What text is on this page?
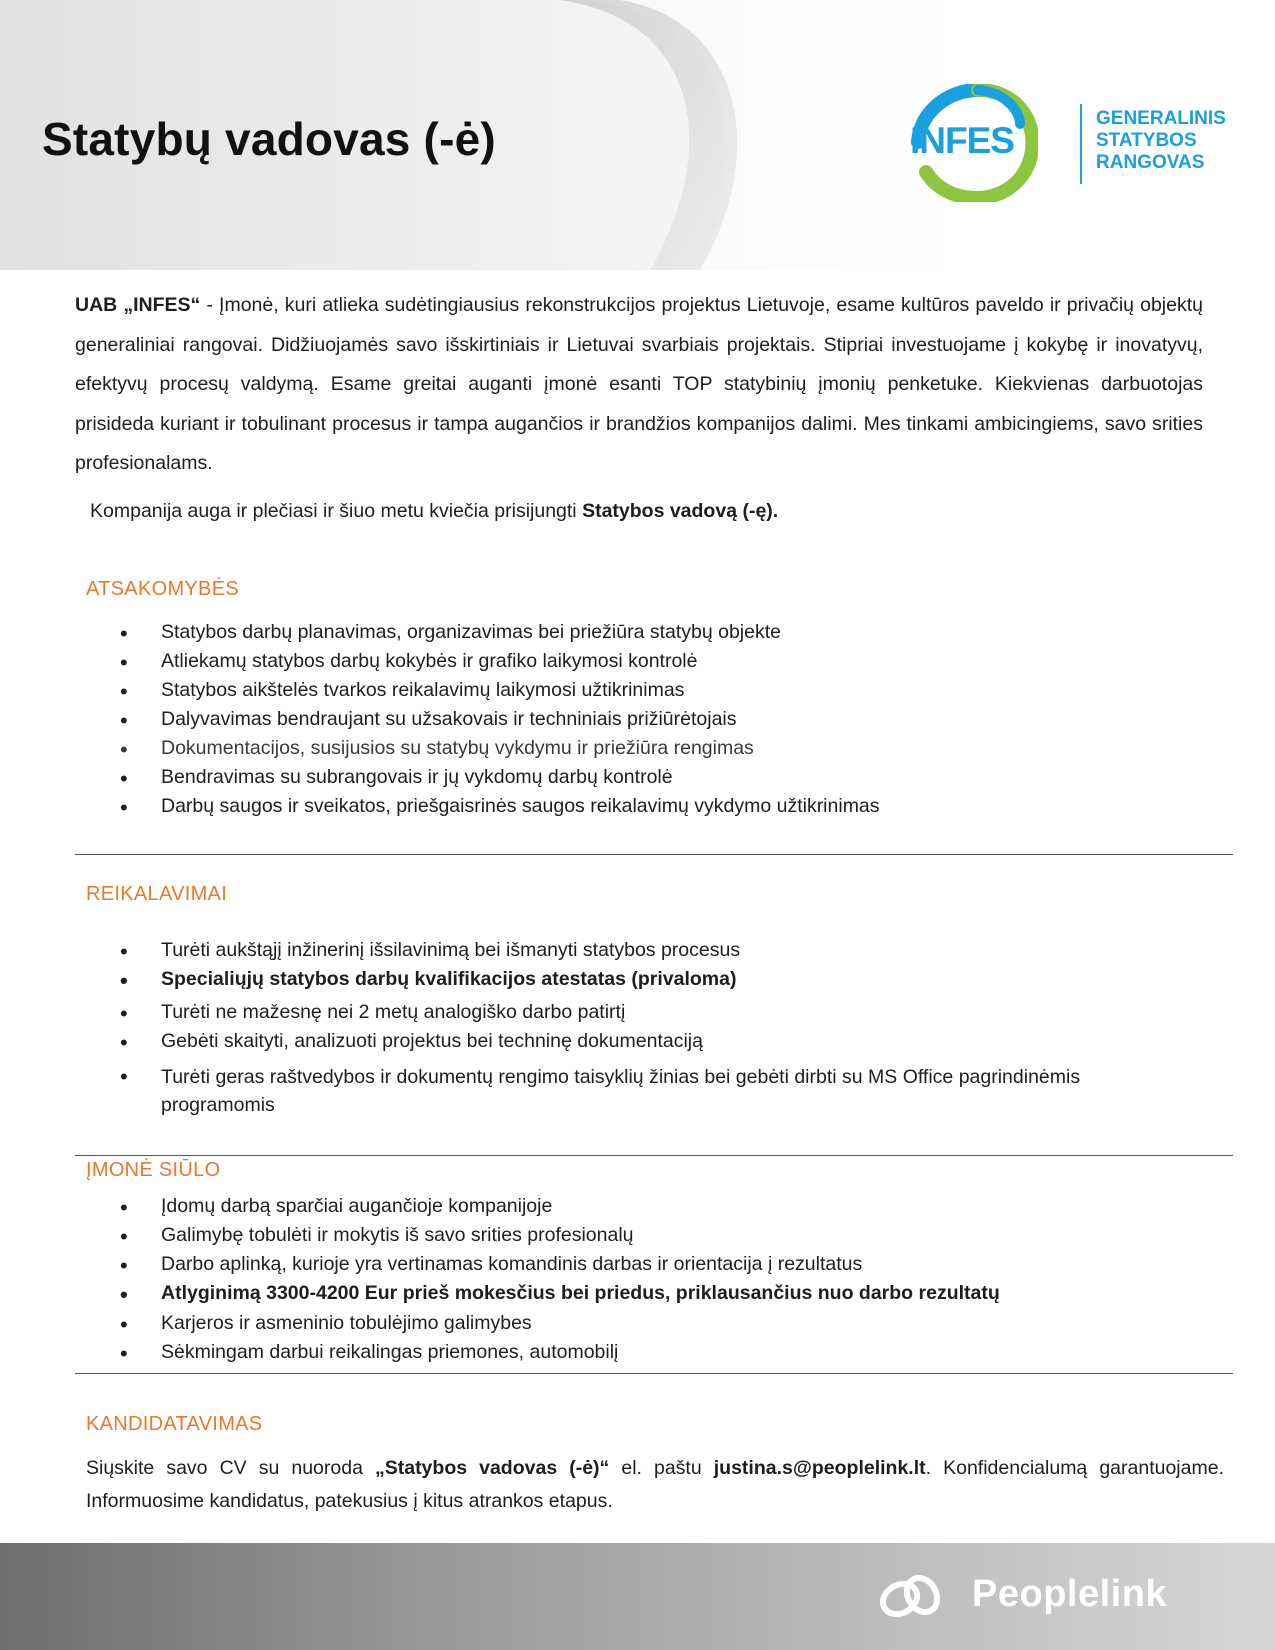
Statybų vadovas (-ė)	INFES
GENERALINIS
STATYBOS
RANGOVAS

UAB „INFES“ - Įmonė, kuri atlieka sudėtingiausius rekonstrukcijos projektus Lietuvoje, esame kultūros paveldo ir privačių objektų generaliniai rangovai. Didžiuojamės savo išskirtiniais ir Lietuvai svarbiais projektais. Stipriai investuojame į kokybę ir inovatyvų, efektyvų procesų valdymą. Esame greitai auganti įmonė esanti TOP statybinių įmonių penketuke. Kiekvienas darbuotojas prisideda kuriant ir tobulinant procesus ir tampa augančios ir brandžios kompanijos dalimi. Mes tinkami ambicingiems, savo srities profesionalams.

Kompanija auga ir plečiasi ir šiuo metu kviečia prisijungti Statybos vadovą (-ę).

ATSAKOMYBĖS
• Statybos darbų planavimas, organizavimas bei priežiūra statybų objekte
• Atliekamų statybos darbų kokybės ir grafiko laikymosi kontrolė
• Statybos aikštelės tvarkos reikalavimų laikymosi užtikrinimas
• Dalyvavimas bendraujant su užsakovais ir techniniais prižiūrėtojais
• Dokumentacijos, susijusios su statybų vykdymu ir priežiūra rengimas
• Bendravimas su subrangovais ir jų vykdomų darbų kontrolė
• Darbų saugos ir sveikatos, priešgaisrinės saugos reikalavimų vykdymo užtikrinimas
REIKALAVIMAI
• Turėti aukštąjį inžinerinį išsilavinimą bei išmanyti statybos procesus
• Specialiųjų statybos darbų kvalifikacijos atestatas (privaloma)
• Turėti ne mažesnę nei 2 metų analogiško darbo patirtį
• Gebėti skaityti, analizuoti projektus bei techninę dokumentaciją
• Turėti geras raštvedybos ir dokumentų rengimo taisyklių žinias bei gebėti dirbti su MS Office pagrindinėmis programomis
ĮMONĖ SIŪLO
• Įdomų darbą sparčiai augančioje kompanijoje
• Galimybę tobulėti ir mokytis iš savo srities profesionalų
• Darbo aplinką, kurioje yra vertinamas komandinis darbas ir orientacija į rezultatus
• Atlyginimą 3300-4200 Eur prieš mokesčius bei priedus, priklausančius nuo darbo rezultatų
• Karjeros ir asmeninio tobulėjimo galimybes
• Sėkmingam darbui reikalingas priemones, automobilį
KANDIDATAVIMAS

Siųskite savo CV su nuoroda „Statybos vadovas (-ė)“ el. paštu justina.s@peoplelink.lt. Konfidencialumą garantuojame. Informuosime kandidatus, patekusius į kitus atrankos etapus.

Peoplelink
